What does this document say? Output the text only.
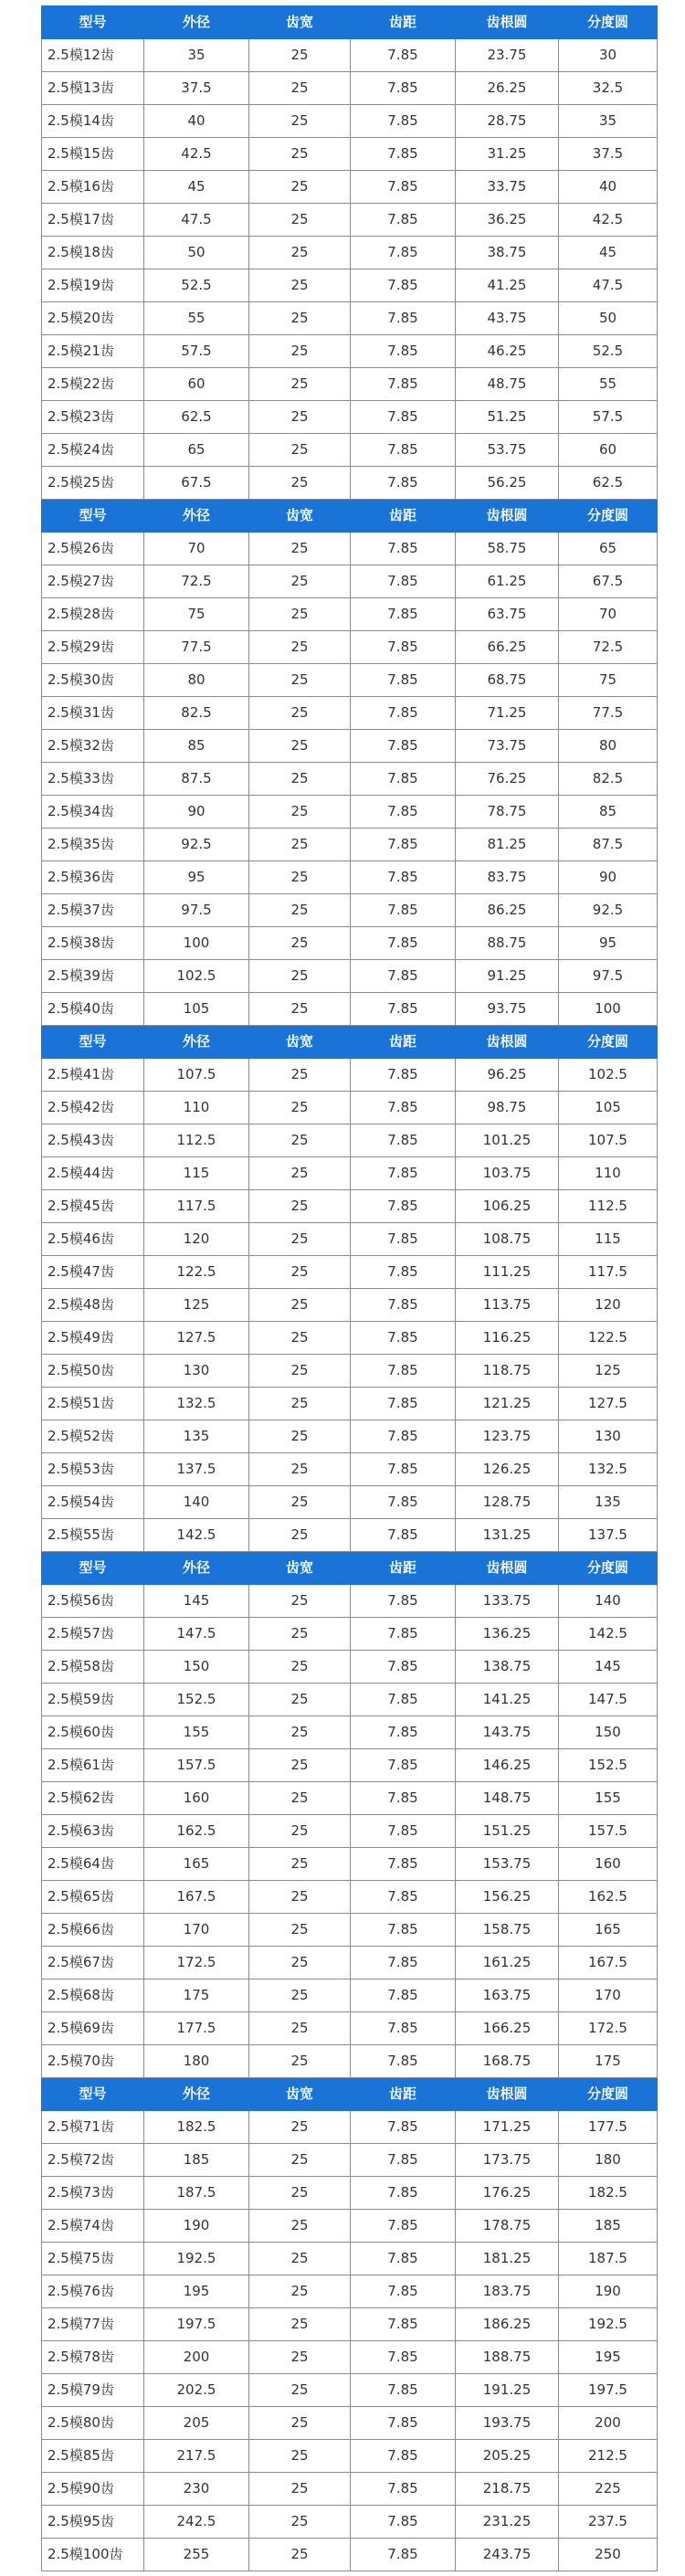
型号	外径	齿宽	齿距	齿根圆	分度圆
2.5模12齿	35	25	7.85	23.75	30
2.5模13齿	37.5	25	7.85	26.25	32.5
2.5模14齿	40	25	7.85	28.75	35
2.5模15齿	42.5	25	7.85	31.25	37.5
2.5模16齿	45	25	7.85	33.75	40
2.5模17齿	47.5	25	7.85	36.25	42.5
2.5模18齿	50	25	7.85	38.75	45
2.5模19齿	52.5	25	7.85	41.25	47.5
2.5模20齿	55	25	7.85	43.75	50
2.5模21齿	57.5	25	7.85	46.25	52.5
2.5模22齿	60	25	7.85	48.75	55
2.5模23齿	62.5	25	7.85	51.25	57.5
2.5模24齿	65	25	7.85	53.75	60
2.5模25齿	67.5	25	7.85	56.25	62.5
型号	外径	齿宽	齿距	齿根圆	分度圆
2.5模26齿	70	25	7.85	58.75	65
2.5模27齿	72.5	25	7.85	61.25	67.5
2.5模28齿	75	25	7.85	63.75	70
2.5模29齿	77.5	25	7.85	66.25	72.5
2.5模30齿	80	25	7.85	68.75	75
2.5模31齿	82.5	25	7.85	71.25	77.5
2.5模32齿	85	25	7.85	73.75	80
2.5模33齿	87.5	25	7.85	76.25	82.5
2.5模34齿	90	25	7.85	78.75	85
2.5模35齿	92.5	25	7.85	81.25	87.5
2.5模36齿	95	25	7.85	83.75	90
2.5模37齿	97.5	25	7.85	86.25	92.5
2.5模38齿	100	25	7.85	88.75	95
2.5模39齿	102.5	25	7.85	91.25	97.5
2.5模40齿	105	25	7.85	93.75	100
型号	外径	齿宽	齿距	齿根圆	分度圆
2.5模41齿	107.5	25	7.85	96.25	102.5
2.5模42齿	110	25	7.85	98.75	105
2.5模43齿	112.5	25	7.85	101.25	107.5
2.5模44齿	115	25	7.85	103.75	110
2.5模45齿	117.5	25	7.85	106.25	112.5
2.5模46齿	120	25	7.85	108.75	115
2.5模47齿	122.5	25	7.85	111.25	117.5
2.5模48齿	125	25	7.85	113.75	120
2.5模49齿	127.5	25	7.85	116.25	122.5
2.5模50齿	130	25	7.85	118.75	125
2.5模51齿	132.5	25	7.85	121.25	127.5
2.5模52齿	135	25	7.85	123.75	130
2.5模53齿	137.5	25	7.85	126.25	132.5
2.5模54齿	140	25	7.85	128.75	135
2.5模55齿	142.5	25	7.85	131.25	137.5
型号	外径	齿宽	齿距	齿根圆	分度圆
2.5模56齿	145	25	7.85	133.75	140
2.5模57齿	147.5	25	7.85	136.25	142.5
2.5模58齿	150	25	7.85	138.75	145
2.5模59齿	152.5	25	7.85	141.25	147.5
2.5模60齿	155	25	7.85	143.75	150
2.5模61齿	157.5	25	7.85	146.25	152.5
2.5模62齿	160	25	7.85	148.75	155
2.5模63齿	162.5	25	7.85	151.25	157.5
2.5模64齿	165	25	7.85	153.75	160
2.5模65齿	167.5	25	7.85	156.25	162.5
2.5模66齿	170	25	7.85	158.75	165
2.5模67齿	172.5	25	7.85	161.25	167.5
2.5模68齿	175	25	7.85	163.75	170
2.5模69齿	177.5	25	7.85	166.25	172.5
2.5模70齿	180	25	7.85	168.75	175
型号	外径	齿宽	齿距	齿根圆	分度圆
2.5模71齿	182.5	25	7.85	171.25	177.5
2.5模72齿	185	25	7.85	173.75	180
2.5模73齿	187.5	25	7.85	176.25	182.5
2.5模74齿	190	25	7.85	178.75	185
2.5模75齿	192.5	25	7.85	181.25	187.5
2.5模76齿	195	25	7.85	183.75	190
2.5模77齿	197.5	25	7.85	186.25	192.5
2.5模78齿	200	25	7.85	188.75	195
2.5模79齿	202.5	25	7.85	191.25	197.5
2.5模80齿	205	25	7.85	193.75	200
2.5模85齿	217.5	25	7.85	205.25	212.5
2.5模90齿	230	25	7.85	218.75	225
2.5模95齿	242.5	25	7.85	231.25	237.5
2.5模100齿	255	25	7.85	243.75	250
